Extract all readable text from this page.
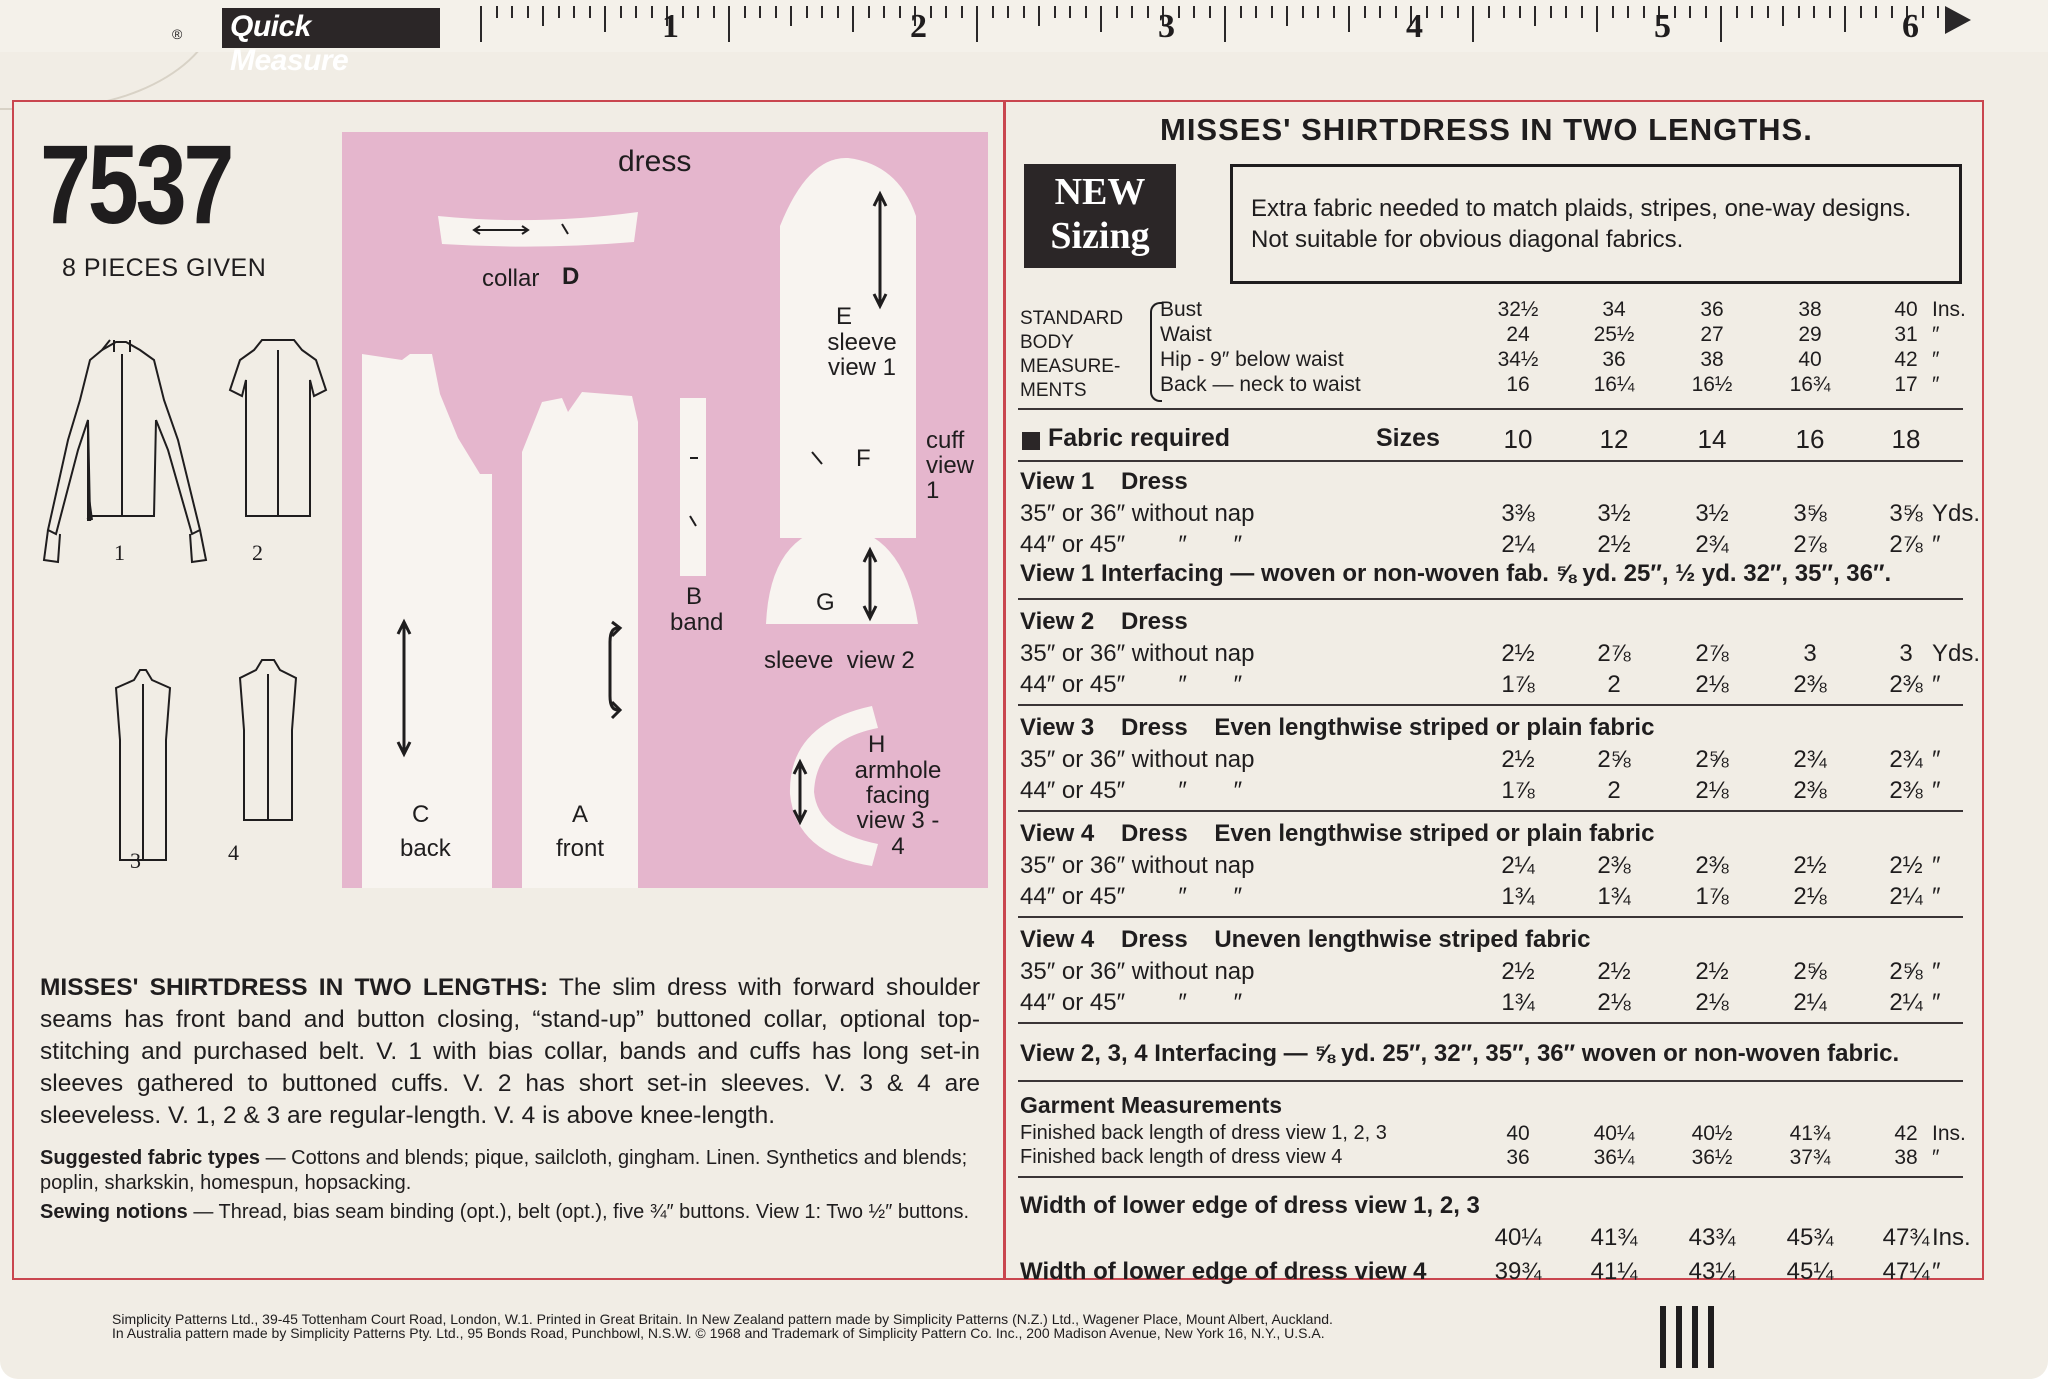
® Quick Measure
1	2	3	4	5	6
7537
8 PIECES GIVEN
1	2
3	4
dress
collar D
E
sleeve view 1
F
cuff view 1
B
band
G
sleeve  view 2
H
armhole facing view 3 - 4
C
back
A
front
MISSES' SHIRTDRESS IN TWO LENGTHS: The slim dress with forward shoulder seams has front band and button closing, “stand-up” buttoned collar, optional top-stitching and purchased belt. V. 1 with bias collar, bands and cuffs has long set-in sleeves gathered to buttoned cuffs. V. 2 has short set-in sleeves. V. 3 & 4 are sleeveless. V. 1, 2 & 3 are regular-length. V. 4 is above knee-length.
Suggested fabric types — Cottons and blends; pique, sailcloth, gingham. Linen. Synthetics and blends; poplin, sharkskin, homespun, hopsacking.
Sewing notions — Thread, bias seam binding (opt.), belt (opt.), five ¾″ buttons. View 1: Two ½″ buttons.
MISSES' SHIRTDRESS IN TWO LENGTHS.
NEW
Sizing
Extra fabric needed to match plaids, stripes, one-way designs.
Not suitable for obvious diagonal fabrics.
STANDARD
BODY
MEASURE-
MENTS
Bust	32½	34	36	38	40 Ins.
Waist	24	25½	27	29	31 ″
Hip - 9″ below waist	34½	36	38	40	42 ″
Back — neck to waist	16	16¼	16½	16¾	17 ″
Fabric required	Sizes	10	12	14	16	18
View 1    Dress
35″ or 36″ without nap	3⅜	3½	3½	3⅝	3⅝ Yds.
44″ or 45″        ″       ″	2¼	2½	2¾	2⅞	2⅞ ″
View 1 Interfacing — woven or non-woven fab. ⅝ yd. 25″, ½ yd. 32″, 35″, 36″.
View 2    Dress
35″ or 36″ without nap	2½	2⅞	2⅞	3	3 Yds.
44″ or 45″        ″       ″	1⅞	2	2⅛	2⅜	2⅜ ″
View 3    Dress    Even lengthwise striped or plain fabric
35″ or 36″ without nap	2½	2⅝	2⅝	2¾	2¾ ″
44″ or 45″        ″       ″	1⅞	2	2⅛	2⅜	2⅜ ″
View 4    Dress    Even lengthwise striped or plain fabric
35″ or 36″ without nap	2¼	2⅜	2⅜	2½	2½ ″
44″ or 45″        ″       ″	1¾	1¾	1⅞	2⅛	2¼ ″
View 4    Dress    Uneven lengthwise striped fabric
35″ or 36″ without nap	2½	2½	2½	2⅝	2⅝ ″
44″ or 45″        ″       ″	1¾	2⅛	2⅛	2¼	2¼ ″
View 2, 3, 4 Interfacing — ⅝ yd. 25″, 32″, 35″, 36″ woven or non-woven fabric.
Garment Measurements
Finished back length of dress view 1, 2, 3	40	40¼	40½	41¾	42 Ins.
Finished back length of dress view 4	36	36¼	36½	37¾	38 ″
Width of lower edge of dress view 1, 2, 3
40¼ 41¾ 43¾ 45¾ 47¾ Ins.
Width of lower edge of dress view 4	39¾ 41¼ 43¼ 45¼ 47¼ ″
Simplicity Patterns Ltd., 39-45 Tottenham Court Road, London, W.1. Printed in Great Britain. In New Zealand pattern made by Simplicity Patterns (N.Z.) Ltd., Wagener Place, Mount Albert, Auckland.
In Australia pattern made by Simplicity Patterns Pty. Ltd., 95 Bonds Road, Punchbowl, N.S.W. © 1968 and Trademark of Simplicity Pattern Co. Inc., 200 Madison Avenue, New York 16, N.Y., U.S.A.
